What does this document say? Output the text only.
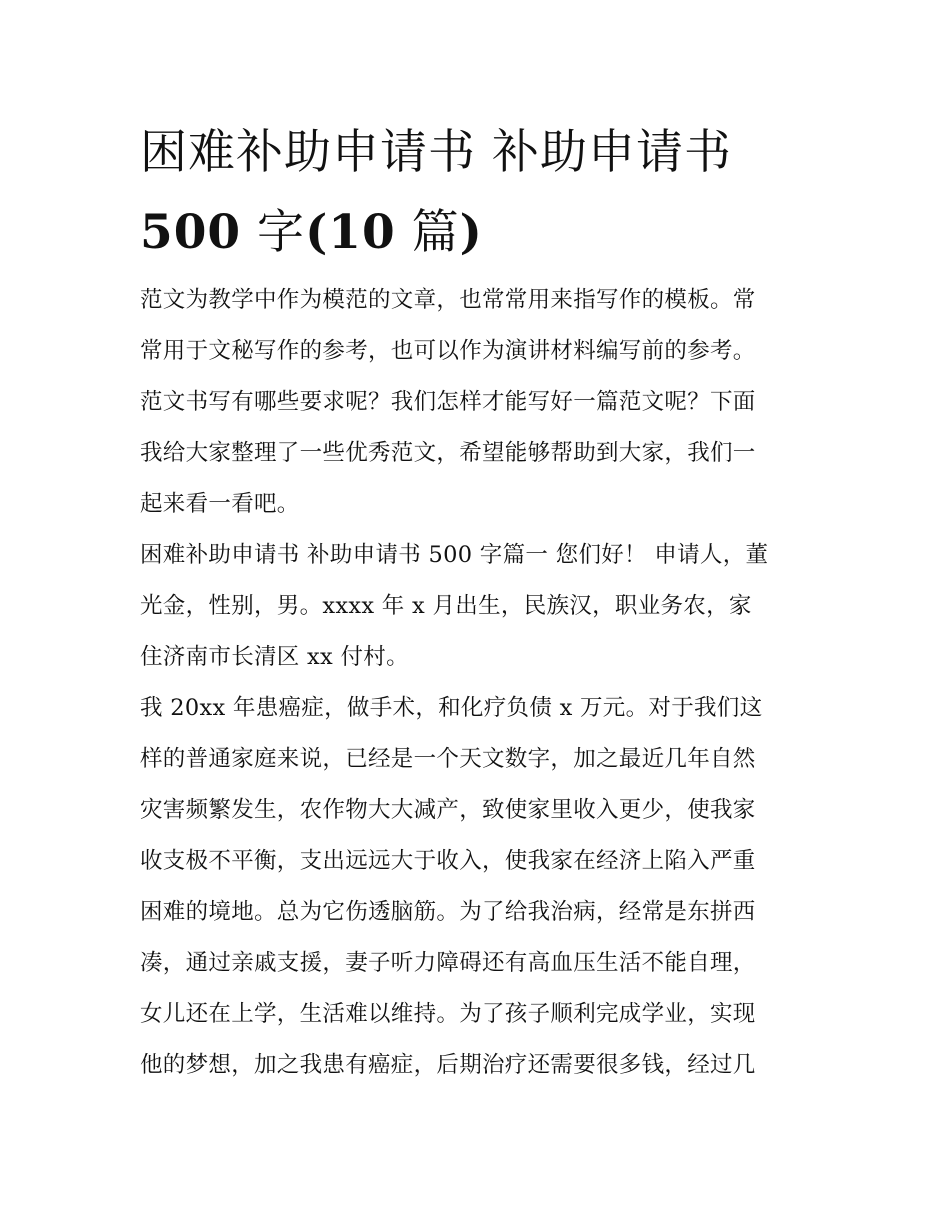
困难补助申请书 补助申请书
500 字(10 篇)
范文为教学中作为模范的文章，也常常用来指写作的模板。常
常用于文秘写作的参考，也可以作为演讲材料编写前的参考。
范文书写有哪些要求呢？我们怎样才能写好一篇范文呢？下面
我给大家整理了一些优秀范文，希望能够帮助到大家，我们一
起来看一看吧。
困难补助申请书 补助申请书 500 字篇一 您们好！ 申请人，董
光金，性别，男。xxxx 年 x 月出生，民族汉，职业务农，家
住济南市长清区 xx 付村。
我 20xx 年患癌症，做手术，和化疗负债 x 万元。对于我们这
样的普通家庭来说，已经是一个天文数字，加之最近几年自然
灾害频繁发生，农作物大大减产，致使家里收入更少，使我家
收支极不平衡，支出远远大于收入，使我家在经济上陷入严重
困难的境地。总为它伤透脑筋。为了给我治病，经常是东拼西
凑，通过亲戚支援，妻子听力障碍还有高血压生活不能自理，
女儿还在上学，生活难以维持。为了孩子顺利完成学业，实现
他的梦想，加之我患有癌症，后期治疗还需要很多钱，经过几
